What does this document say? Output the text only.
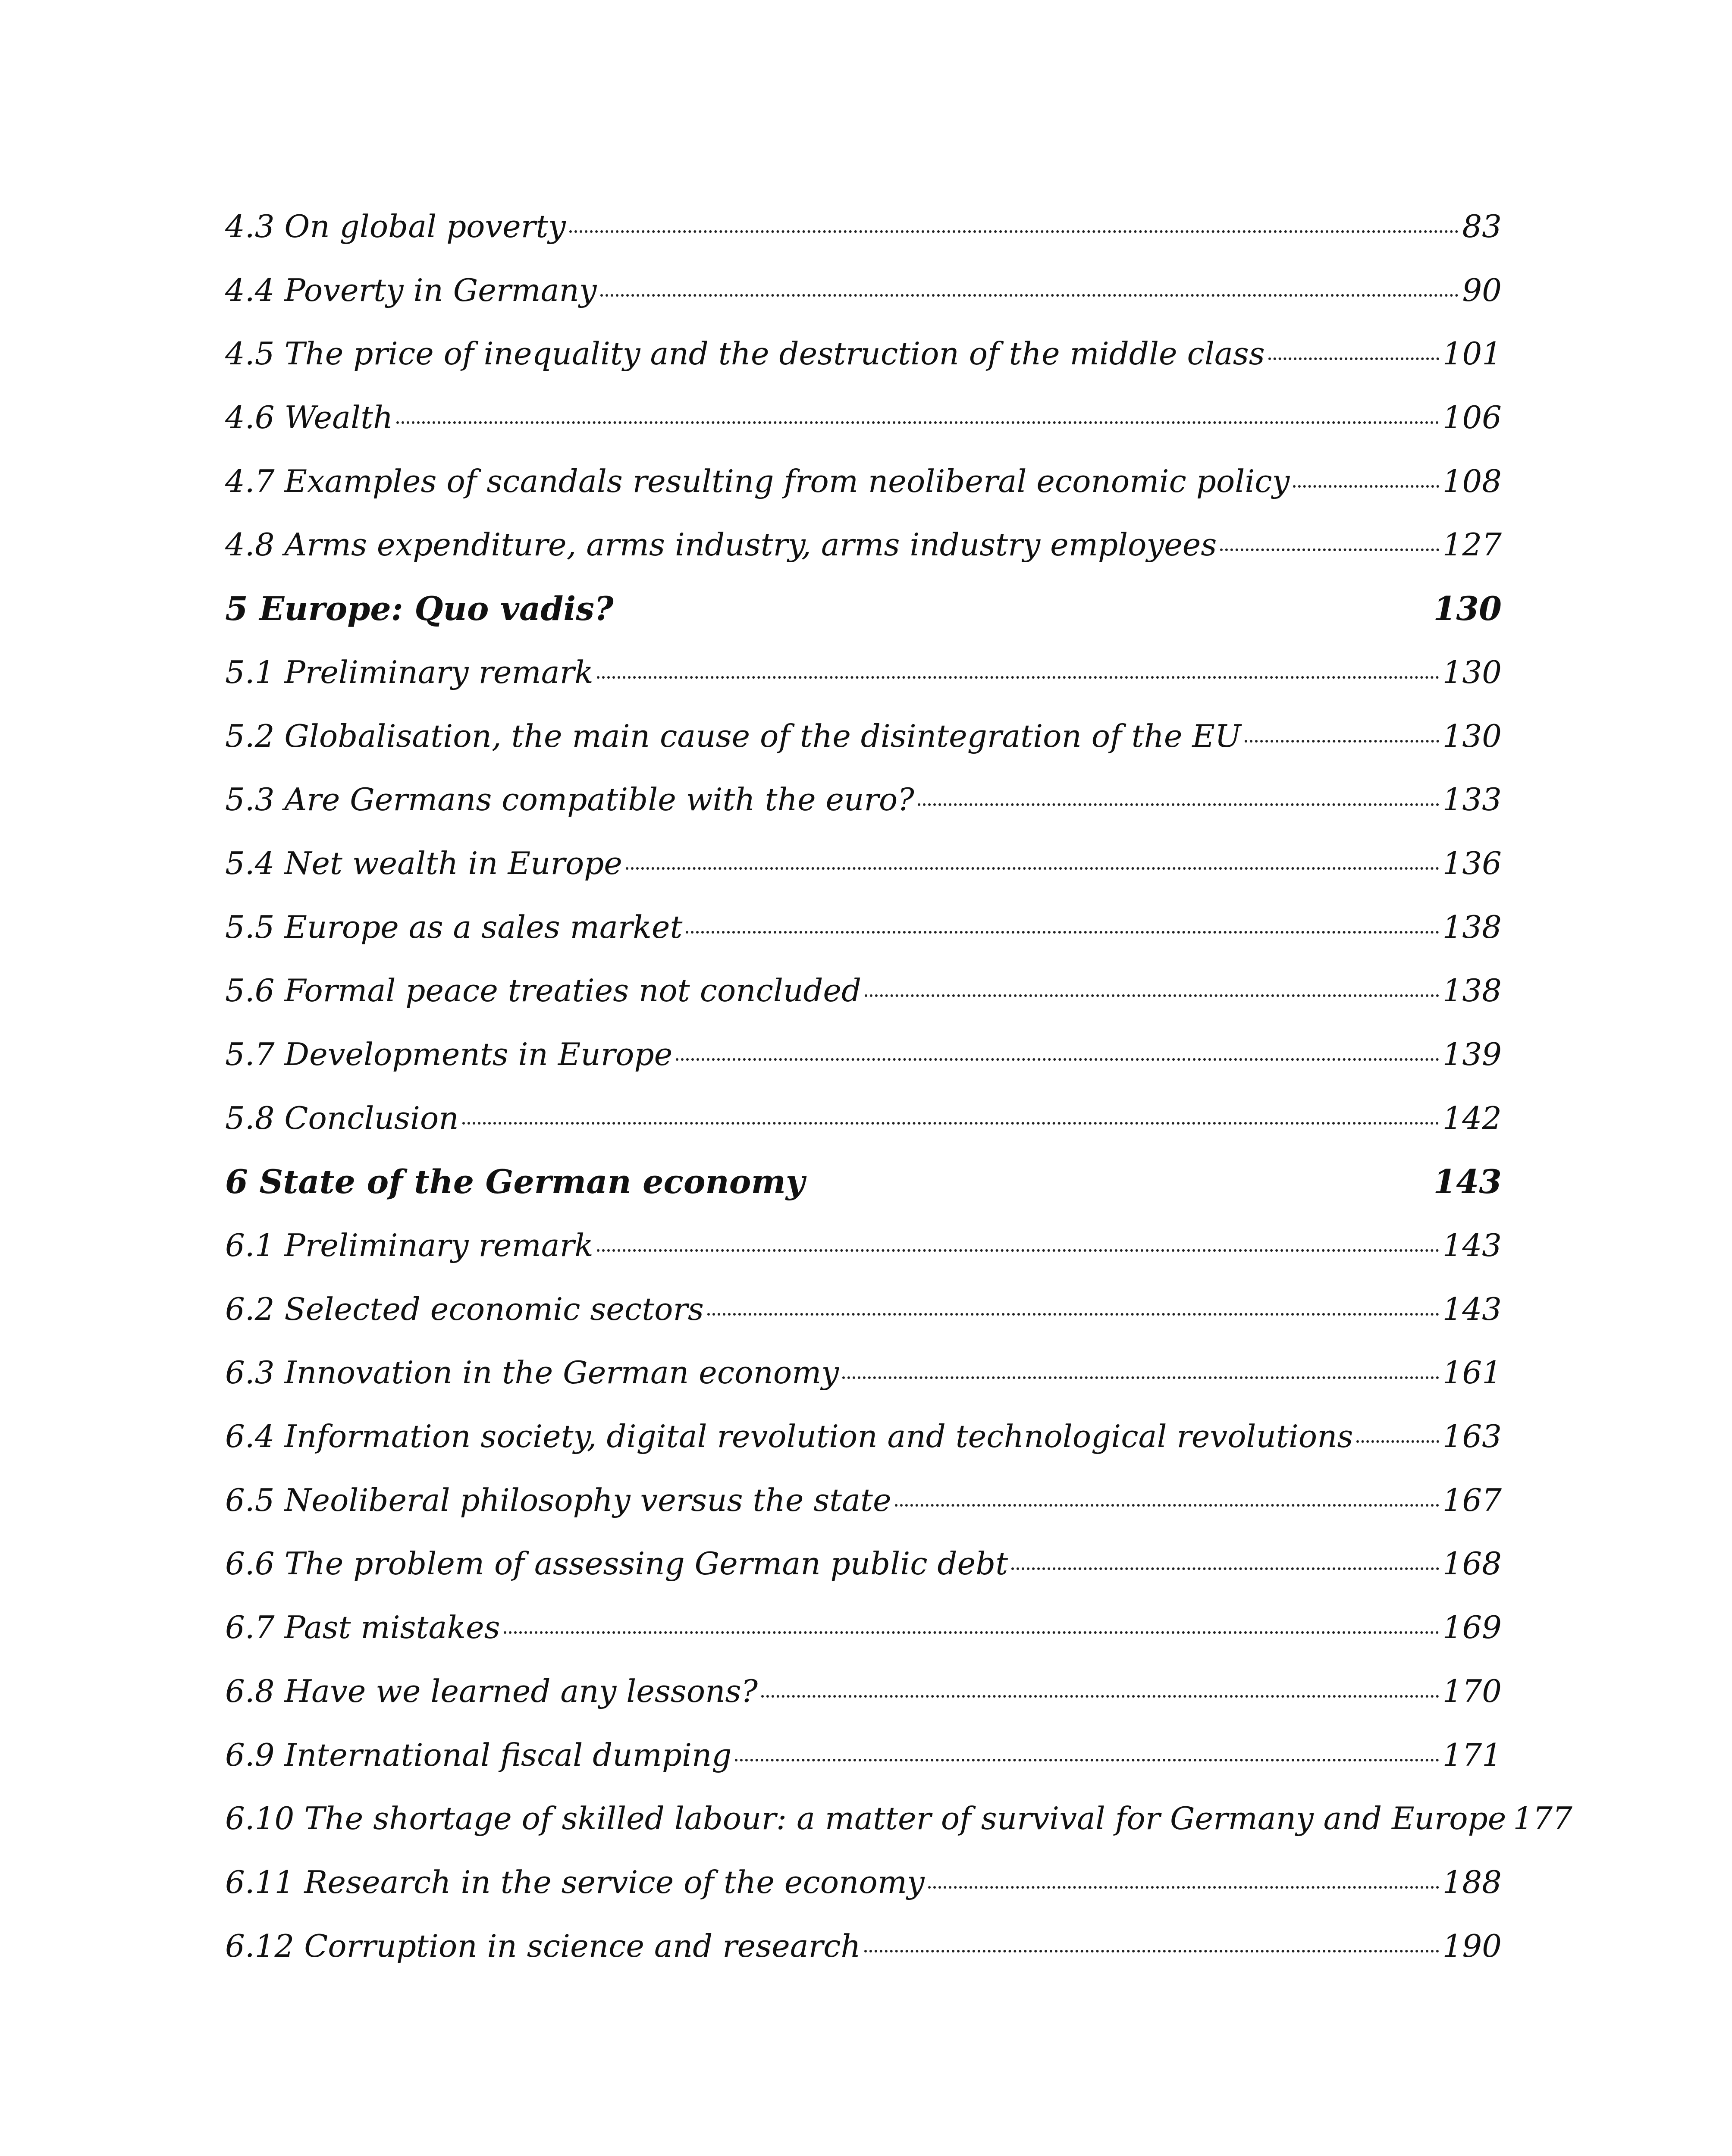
4.3 On global poverty	83
4.4 Poverty in Germany	90
4.5 The price of inequality and the destruction of the middle class	101
4.6 Wealth	106
4.7 Examples of scandals resulting from neoliberal economic policy	108
4.8 Arms expenditure, arms industry, arms industry employees	127
5 Europe: Quo vadis?	130
5.1 Preliminary remark	130
5.2 Globalisation, the main cause of the disintegration of the EU	130
5.3 Are Germans compatible with the euro?	133
5.4 Net wealth in Europe	136
5.5 Europe as a sales market	138
5.6 Formal peace treaties not concluded	138
5.7 Developments in Europe	139
5.8 Conclusion	142
6 State of the German economy	143
6.1 Preliminary remark	143
6.2 Selected economic sectors	143
6.3 Innovation in the German economy	161
6.4 Information society, digital revolution and technological revolutions	163
6.5 Neoliberal philosophy versus the state	167
6.6 The problem of assessing German public debt	168
6.7 Past mistakes	169
6.8 Have we learned any lessons?	170
6.9 International fiscal dumping	171
6.10 The shortage of skilled labour: a matter of survival for Germany and Europe 177
6.11 Research in the service of the economy	188
6.12 Corruption in science and research	190
